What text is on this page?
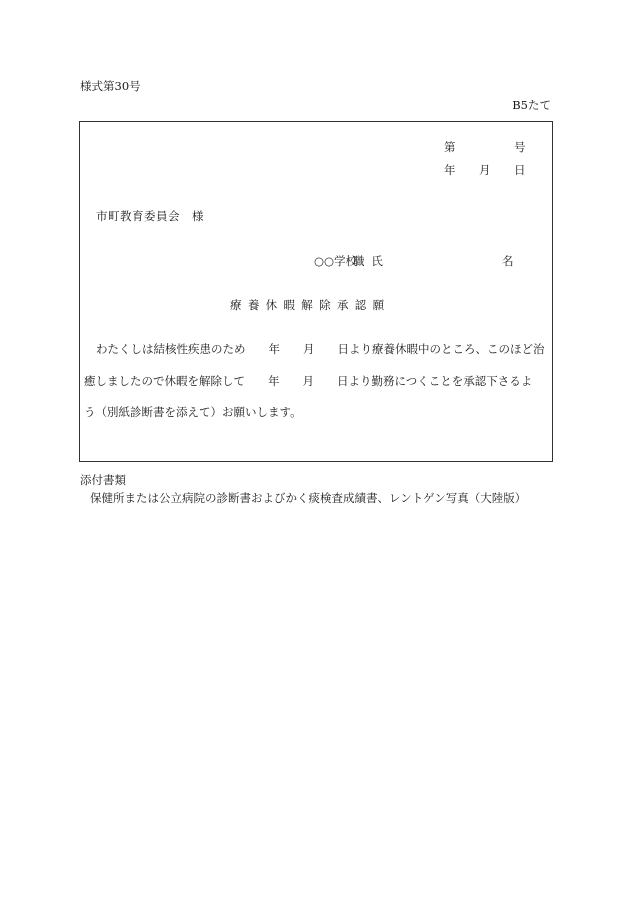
様式第30号
B5たて
第	号
年 月 日
市町教育委員会　様
○○学校
職氏	名
療養休暇解除承認願
わたくしは結核性疾患のため　　年　　月　　日より療養休暇中のところ、このほど治
癒しましたので休暇を解除して　　年　　月　　日より勤務につくことを承認下さるよ
う（別紙診断書を添えて）お願いします。
添付書類
保健所または公立病院の診断書およびかく痰検査成績書、レントゲン写真（大陸版）
